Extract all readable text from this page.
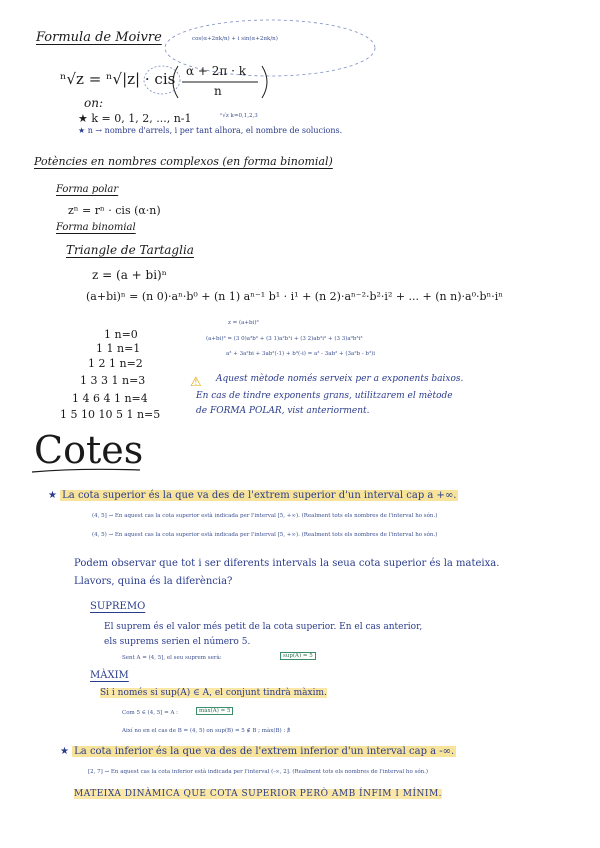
Formula de Moivre	cos(α+2πk/n) + i sin(α+2πk/n)
ⁿ√z = ⁿ√|z| · cis α + 2π · k
n
on:
★ k = 0, 1, 2, ..., n-1	ⁿ√z k=0,1,2,3
★ n → nombre d'arrels, i per tant alhora, el nombre de solucions.
Potències en nombres complexos (en forma binomial)
Forma polar
zⁿ = rⁿ · cis (α·n)
Forma binomial
Triangle de Tartaglia
z = (a + bi)ⁿ
(a+bi)ⁿ = (n 0)·aⁿ·b⁰ + (n 1) aⁿ⁻¹ b¹ · i¹ + (n 2)·aⁿ⁻²·b²·i² + ... + (n n)·a⁰·bⁿ·iⁿ
1 n=0
1 1 n=1
1 2 1 n=2
1 3 3 1 n=3
1 4 6 4 1 n=4
1 5 10 10 5 1 n=5
z = (a+bi)³
(a+bi)³ = (3 0)a³b⁰ + (3 1)a²b¹i + (3 2)ab²i² + (3 3)a⁰b³i³
a³ + 3a²bi + 3ab²(-1) + b³(-i) = a³ - 3ab² + (3a²b - b³)i
⚠ Aquest mètode només serveix per a exponents baixos.
En cas de tindre exponents grans, utilitzarem el mètode
de FORMA POLAR, vist anteriorment.
Cotes
★ La cota superior és la que va des de l'extrem superior d'un interval cap a +∞.
(4, 5] → En aquest cas la cota superior està indicada per l'interval [5, +∞). (Realment tots els nombres de l'interval ho són.)
(4, 5) → En aquest cas la cota superior està indicada per l'interval [5, +∞). (Realment tots els nombres de l'interval ho són.)
Podem observar que tot i ser diferents intervals la seua cota superior és la mateixa.
Llavors, quina és la diferència?
SUPREMO
El suprem és el valor més petit de la cota superior. En el cas anterior,
els suprems serien el número 5.
Sent A = (4, 5], el seu suprem serà:	sup(A) = 5
MÀXIM
Si i només si sup(A) ∈ A, el conjunt tindrà màxim.
Com 5 ∈ (4, 5] = A :	màx(A) = 5
Així no en el cas de B = (4, 5) on sup(B) = 5 ∉ B ; màx(B) : ∄
★ La cota inferior és la que va des de l'extrem inferior d'un interval cap a -∞.
[2, 7] → En aquest cas la cota inferior està indicada per l'interval (-∞, 2]. (Realment tots els nombres de l'interval ho són.)
MATEIXA DINÀMICA QUE COTA SUPERIOR PERÒ AMB ÍNFIM I MÍNIM.
